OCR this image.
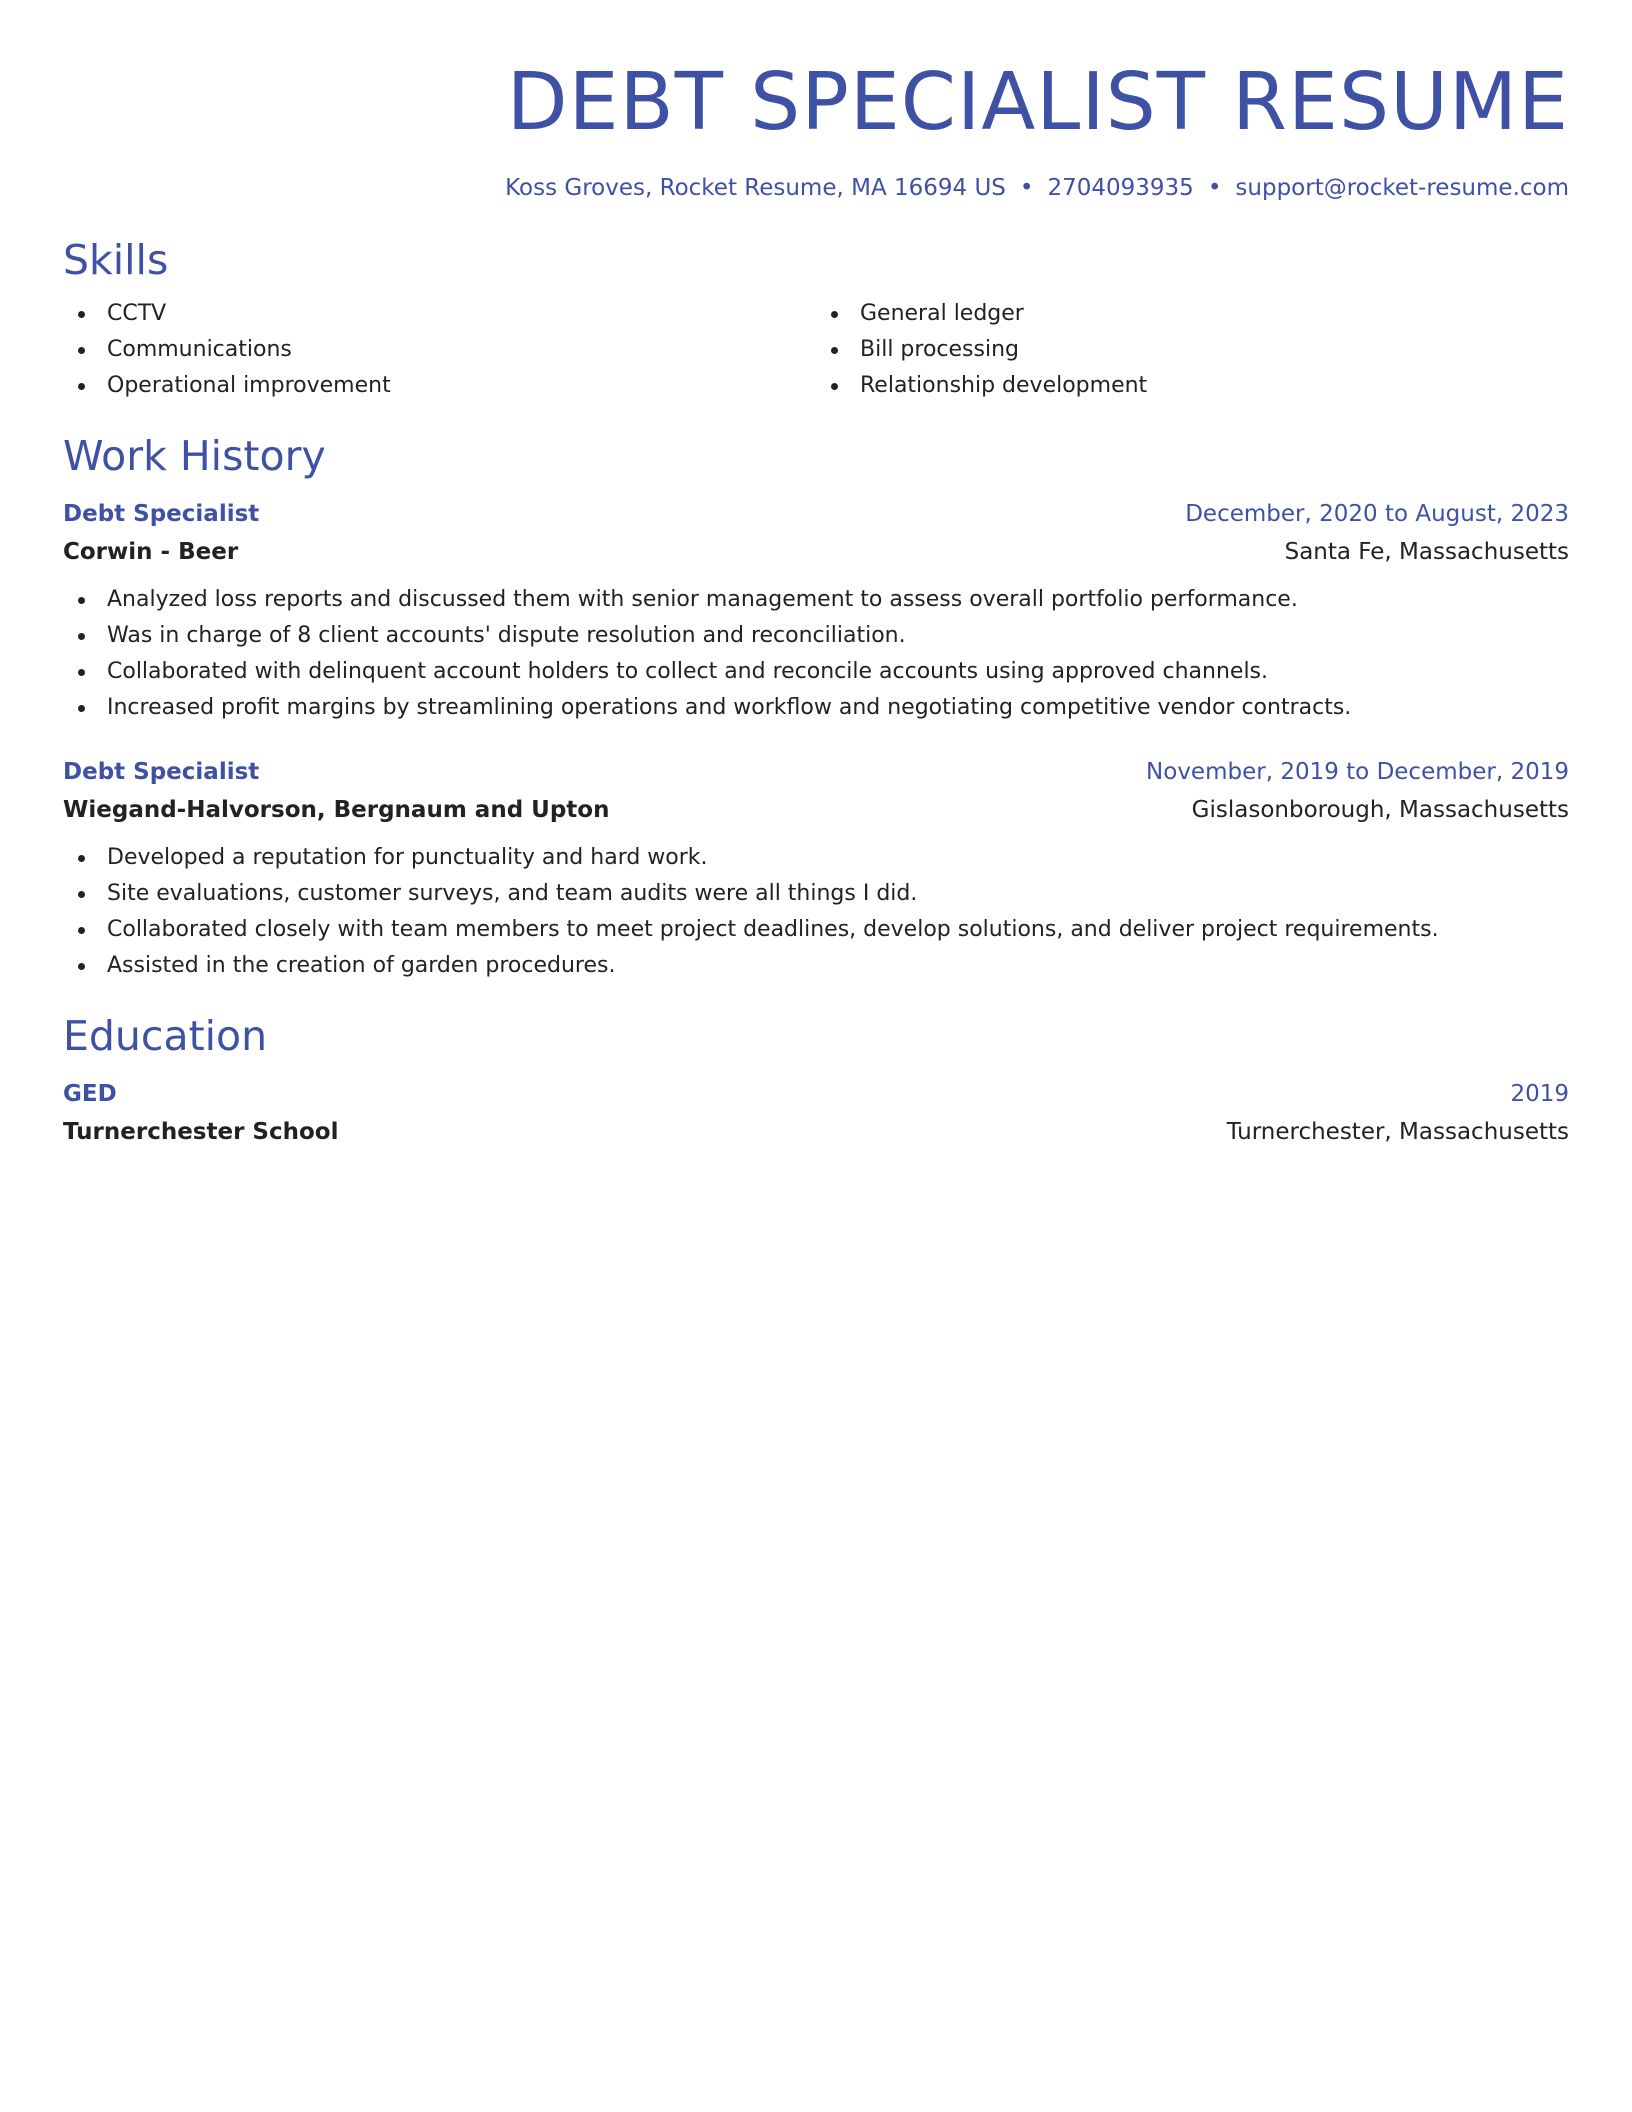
DEBT SPECIALIST RESUME
Koss Groves, Rocket Resume, MA 16694 US • 2704093935 • support@rocket-resume.com
Skills
CCTV
Communications
Operational improvement
General ledger
Bill processing
Relationship development
Work History
Debt Specialist	December, 2020 to August, 2023
Corwin - Beer	Santa Fe, Massachusetts
Analyzed loss reports and discussed them with senior management to assess overall portfolio performance.
Was in charge of 8 client accounts' dispute resolution and reconciliation.
Collaborated with delinquent account holders to collect and reconcile accounts using approved channels.
Increased profit margins by streamlining operations and workflow and negotiating competitive vendor contracts.
Debt Specialist	November, 2019 to December, 2019
Wiegand-Halvorson, Bergnaum and Upton	Gislasonborough, Massachusetts
Developed a reputation for punctuality and hard work.
Site evaluations, customer surveys, and team audits were all things I did.
Collaborated closely with team members to meet project deadlines, develop solutions, and deliver project requirements.
Assisted in the creation of garden procedures.
Education
GED	2019
Turnerchester School	Turnerchester, Massachusetts
